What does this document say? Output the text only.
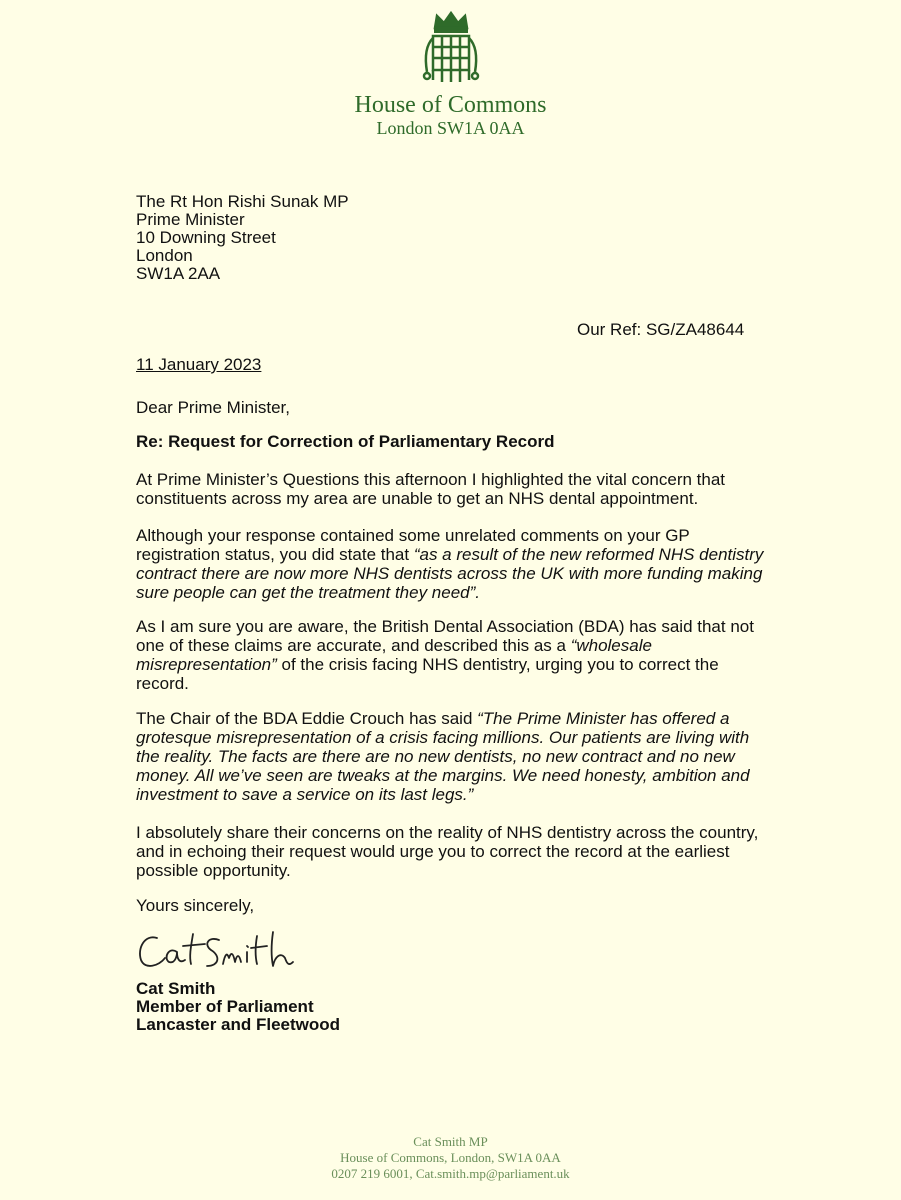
House of Commons
London SW1A 0AA
The Rt Hon Rishi Sunak MP
Prime Minister
10 Downing Street
London
SW1A 2AA
Our Ref: SG/ZA48644
11 January 2023
Dear Prime Minister,
Re: Request for Correction of Parliamentary Record
At Prime Minister’s Questions this afternoon I highlighted the vital concern that constituents across my area are unable to get an NHS dental appointment.
Although your response contained some unrelated comments on your GP registration status, you did state that “as a result of the new reformed NHS dentistry contract there are now more NHS dentists across the UK with more funding making sure people can get the treatment they need”.
As I am sure you are aware, the British Dental Association (BDA) has said that not one of these claims are accurate, and described this as a “wholesale misrepresentation” of the crisis facing NHS dentistry, urging you to correct the record.
The Chair of the BDA Eddie Crouch has said “The Prime Minister has offered a grotesque misrepresentation of a crisis facing millions. Our patients are living with the reality. The facts are there are no new dentists, no new contract and no new money. All we’ve seen are tweaks at the margins. We need honesty, ambition and investment to save a service on its last legs.”
I absolutely share their concerns on the reality of NHS dentistry across the country, and in echoing their request would urge you to correct the record at the earliest possible opportunity.
Yours sincerely,
Cat Smith
Member of Parliament
Lancaster and Fleetwood
Cat Smith MP
House of Commons, London, SW1A 0AA
0207 219 6001, Cat.smith.mp@parliament.uk
